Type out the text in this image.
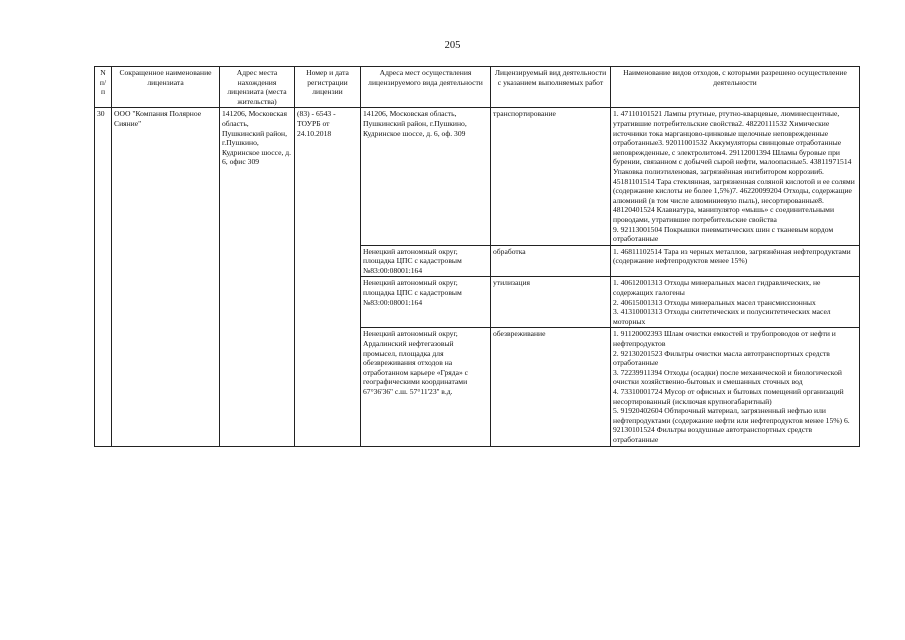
205
N п/ п	Сокращенное наименование лицензиата	Адрес места нахождения лицензиата (места жительства)	Номер и дата регистрации лицензии	Адреса мест осуществления лицензируемого вида деятельности	Лицензируемый вид деятельности с указанием выполняемых работ	Наименование видов отходов, с которыми разрешено осуществление деятельности
30	ООО "Компания Полярное Сияние"	141206, Московская область, Пушкинский район, г.Пушкино, Кудринское шоссе, д. 6, офис 309	(83) - 6543 - ТОУРБ от 24.10.2018	141206, Московская область, Пушкинский район, г.Пушкино, Кудринское шоссе, д. 6, оф. 309	транспортирование	1. 47110101521 Лампы ртутные, ртутно-кварцевые, люминесцентные, утратившие потребительские свойства2. 48220111532 Химические источники тока марганцово-цинковые щелочные неповрежденные отработанные3. 92011001532 Аккумуляторы свинцовые отработанные неповрежденные, с электролитом4. 29112001394 Шламы буровые при бурении, связанном с добычей сырой нефти, малоопасные5. 43811971514 Упаковка полиэтиленовая, загрязнённая ингибитором коррозии6. 45181101514 Тара стеклянная, загрязненная соляной кислотой и ее солями (содержание кислоты не более 1,5%)7. 46220099204 Отходы, содержащие алюминий (в том числе алюминиевую пыль), несортированные8. 48120401524 Клавиатура, манипулятор «мышь» с соединительными проводами, утратившие потребительские свойства

9. 92113001504 Покрышки пневматических шин с тканевым кордом отработанные

				Ненецкий автономный округ, площадка ЦПС с кадастровым №83:00:08001:164	обработка	1. 46811102514 Тара из черных металлов, загрязнённая нефтепродуктами (содержание нефтепродуктов менее 15%)

				Ненецкий автономный округ, площадка ЦПС с кадастровым №83:00:08001:164	утилизация	1. 40612001313 Отходы минеральных масел гидравлических, не содержащих галогены

2. 40615001313 Отходы минеральных масел трансмиссионных

3. 41310001313 Отходы синтетических и полусинтетических масел моторных

				Ненецкий автономный округ, Ардалинский нефтегазовый промысел, площадка для обезвреживания отходов на отработанном карьере «Гряда» с географическими координатами 67°36'36'' с.ш. 57°11'23'' в.д.	обезвреживание	1. 91120002393 Шлам очистки емкостей и трубопроводов от нефти и нефтепродуктов

2. 92130201523 Фильтры очистки масла автотранспортных средств отработанные

3. 72239911394 Отходы (осадки) после механической и биологической очистки хозяйственно-бытовых и смешанных сточных вод

4. 73310001724 Мусор от офисных и бытовых помещений организаций несортированный (исключая крупногабаритный)

5. 91920402604 Обтирочный материал, загрязненный нефтью или нефтепродуктами (содержание нефти или нефтепродуктов менее 15%) 6. 92130101524 Фильтры воздушные автотранспортных средств отработанные
